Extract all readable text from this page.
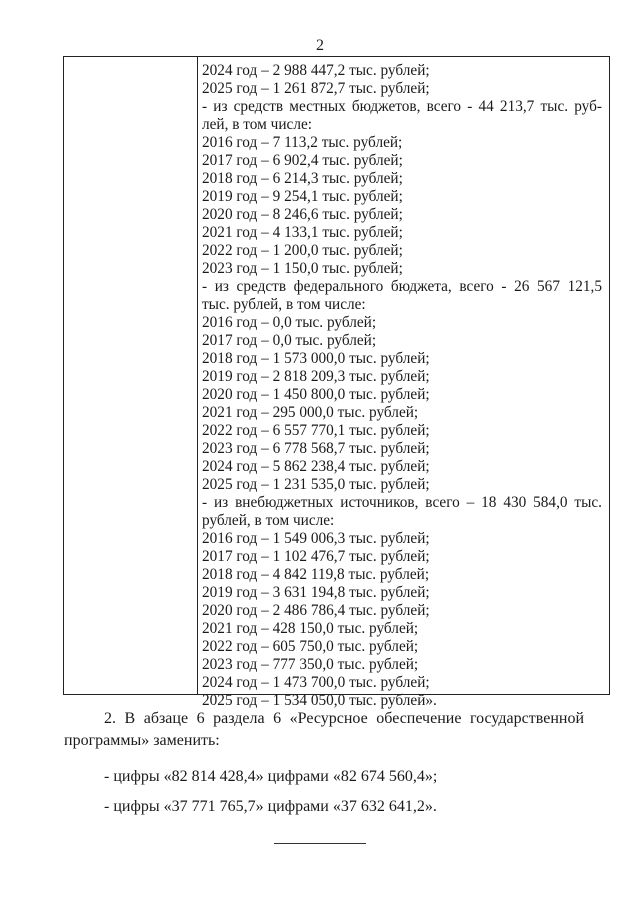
2
2024 год – 2 988 447,2 тыс. рублей;
2025 год – 1 261 872,7 тыс. рублей;
- из средств местных бюджетов, всего - 44 213,7 тыс. руб-
лей, в том числе:
2016 год – 7 113,2 тыс. рублей;
2017 год – 6 902,4 тыс. рублей;
2018 год – 6 214,3 тыс. рублей;
2019 год – 9 254,1 тыс. рублей;
2020 год – 8 246,6 тыс. рублей;
2021 год – 4 133,1 тыс. рублей;
2022 год – 1 200,0 тыс. рублей;
2023 год – 1 150,0 тыс. рублей;
- из средств федерального бюджета, всего - 26 567 121,5
тыс. рублей, в том числе:
2016 год – 0,0 тыс. рублей;
2017 год – 0,0 тыс. рублей;
2018 год – 1 573 000,0 тыс. рублей;
2019 год – 2 818 209,3 тыс. рублей;
2020 год – 1 450 800,0 тыс. рублей;
2021 год – 295 000,0 тыс. рублей;
2022 год – 6 557 770,1 тыс. рублей;
2023 год – 6 778 568,7 тыс. рублей;
2024 год – 5 862 238,4 тыс. рублей;
2025 год – 1 231 535,0 тыс. рублей;
- из внебюджетных источников, всего – 18 430 584,0 тыс.
рублей, в том числе:
2016 год – 1 549 006,3 тыс. рублей;
2017 год – 1 102 476,7 тыс. рублей;
2018 год – 4 842 119,8 тыс. рублей;
2019 год – 3 631 194,8 тыс. рублей;
2020 год – 2 486 786,4 тыс. рублей;
2021 год – 428 150,0 тыс. рублей;
2022 год – 605 750,0 тыс. рублей;
2023 год – 777 350,0 тыс. рублей;
2024 год – 1 473 700,0 тыс. рублей;
2025 год – 1 534 050,0 тыс. рублей».

2. В абзаце 6 раздела 6 «Ресурсное обеспечение государственной программы» заменить:

- цифры «82 814 428,4» цифрами «82 674 560,4»;

- цифры «37 771 765,7» цифрами «37 632 641,2».
